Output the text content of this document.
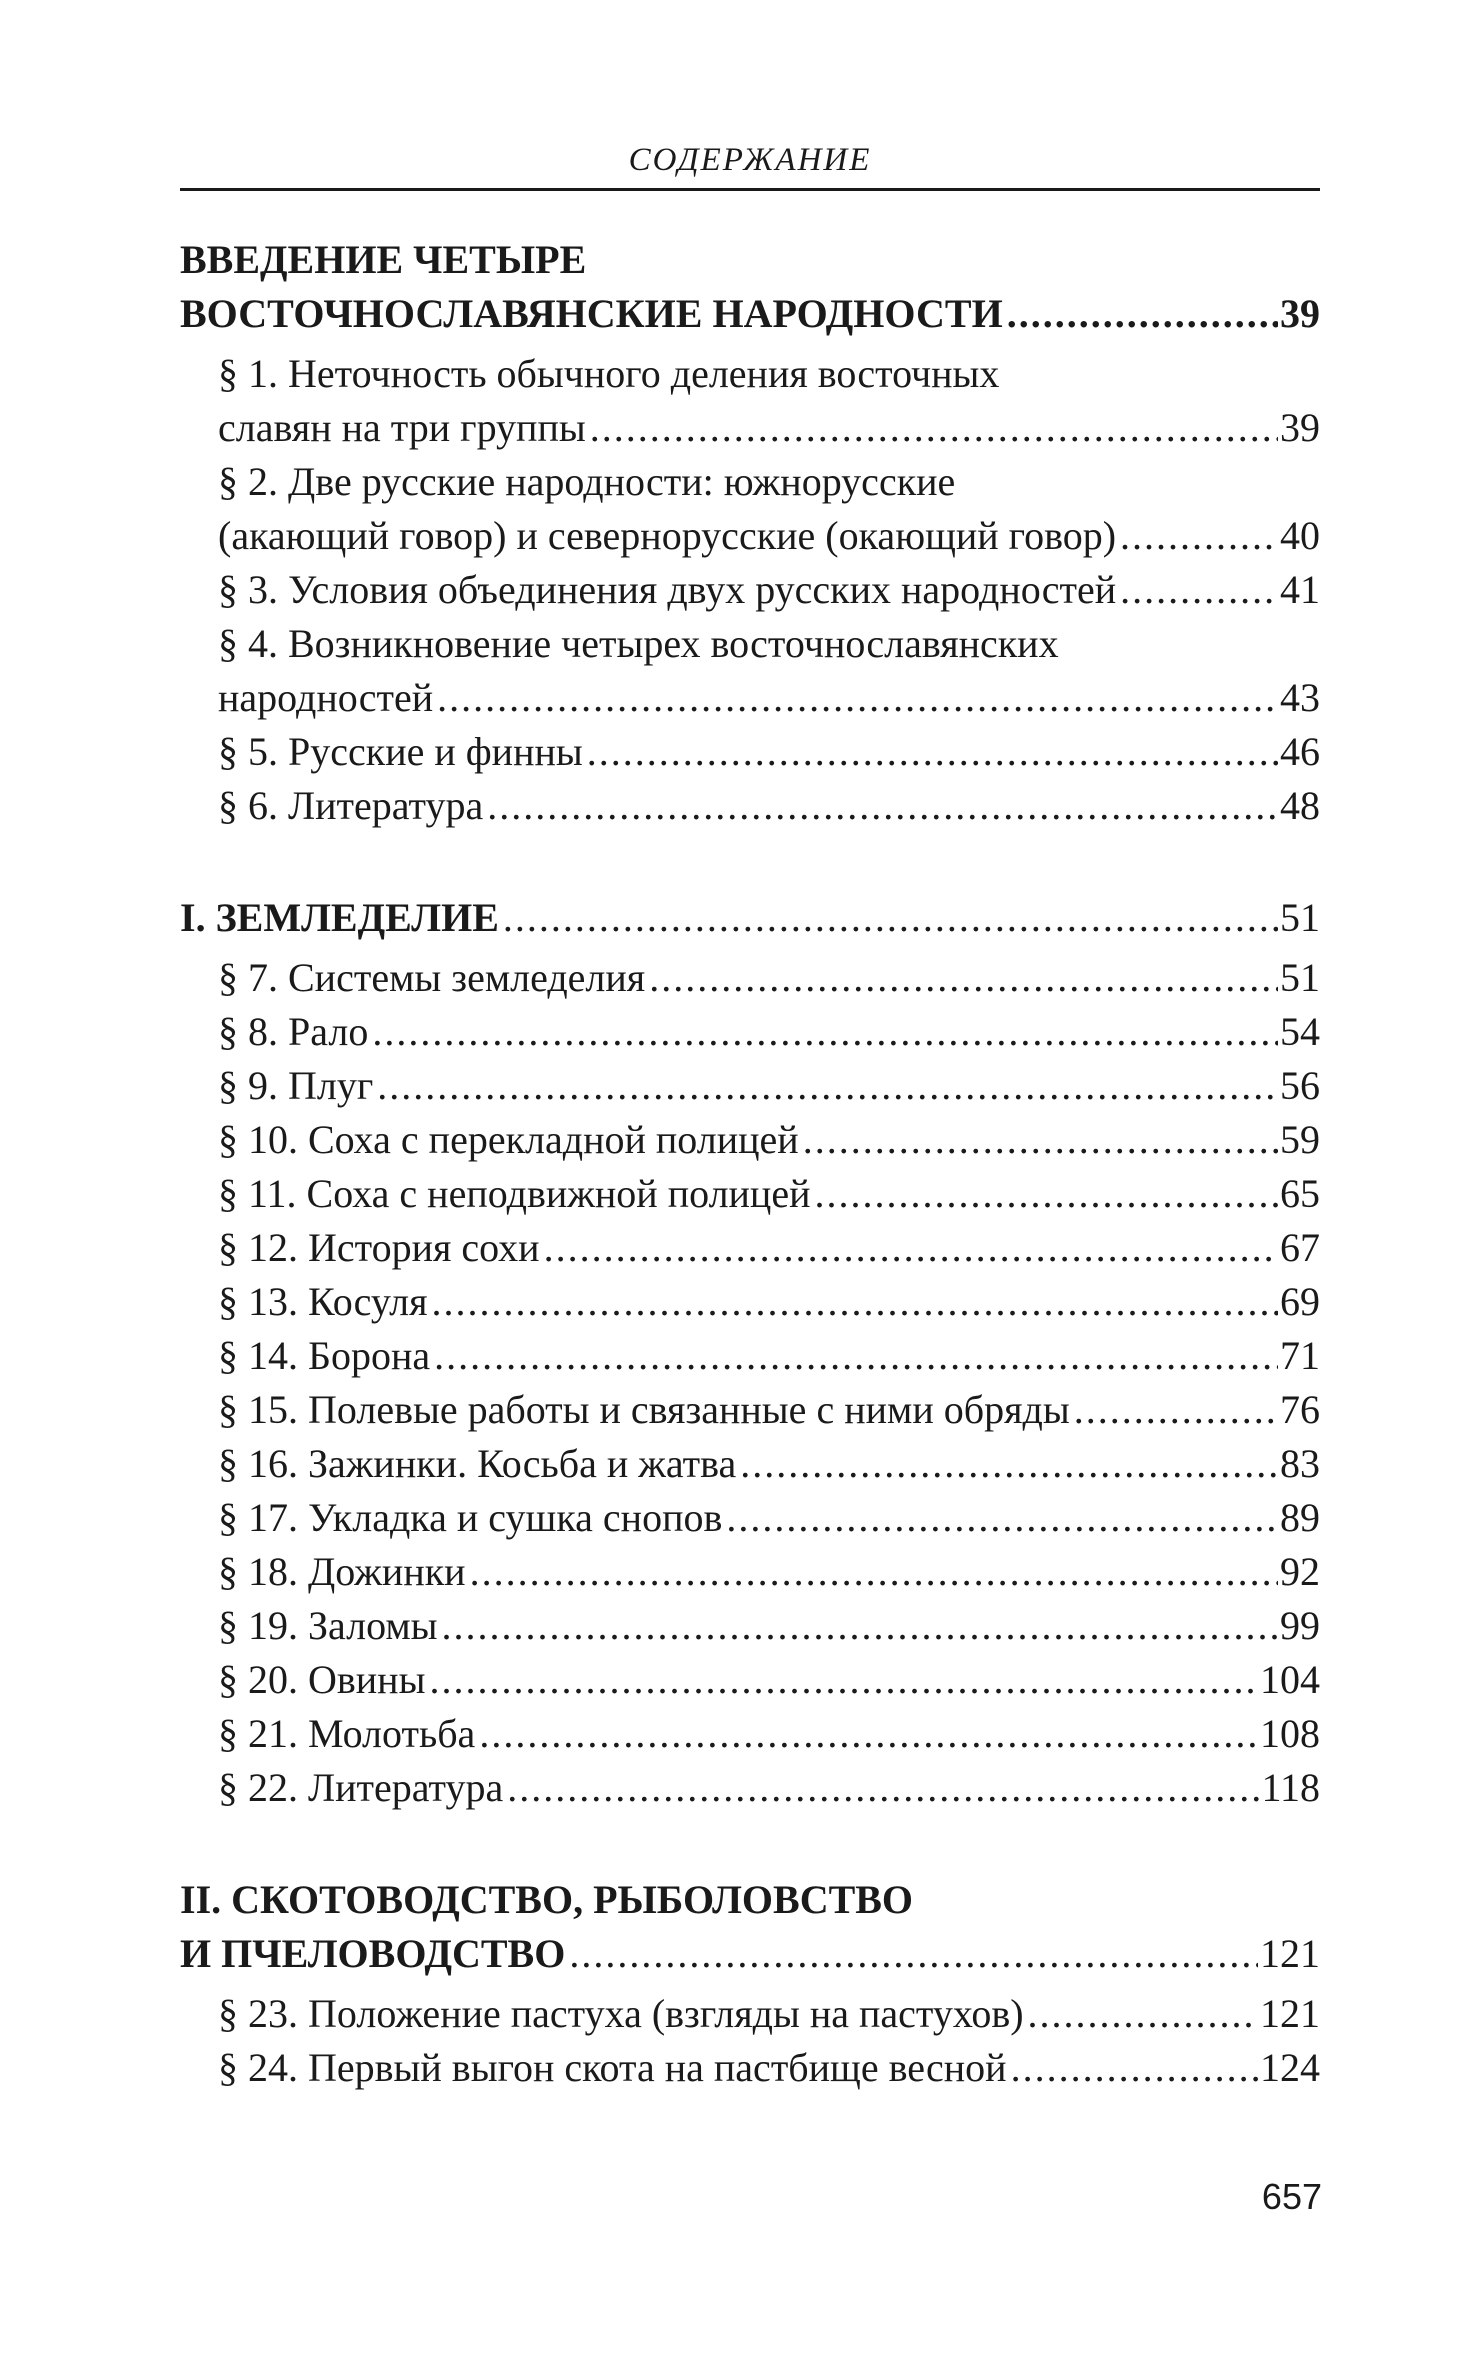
СОДЕРЖАНИЕ
ВВЕДЕНИЕ ЧЕТЫРЕ
ВОСТОЧНОСЛАВЯНСКИЕ НАРОДНОСТИ .....	39
§ 1. Неточность обычного деления восточных
славян на три группы .....	39
§ 2. Две русские народности: южнорусские
(акающий говор) и севернорусские (окающий говор) .....	40
§ 3. Условия объединения двух русских народностей .....	41
§ 4. Возникновение четырех восточнославянских
народностей .....	43
§ 5. Русские и финны .....	46
§ 6. Литература .....	48
I. ЗЕМЛЕДЕЛИЕ .....	51
§ 7. Системы земледелия .....	51
§ 8. Рало .....	54
§ 9. Плуг .....	56
§ 10. Соха с перекладной полицей .....	59
§ 11. Соха с неподвижной полицей .....	65
§ 12. История сохи .....	67
§ 13. Косуля .....	69
§ 14. Борона .....	71
§ 15. Полевые работы и связанные с ними обряды .....	76
§ 16. Зажинки. Косьба и жатва .....	83
§ 17. Укладка и сушка снопов .....	89
§ 18. Дожинки .....	92
§ 19. Заломы .....	99
§ 20. Овины .....	104
§ 21. Молотьба .....	108
§ 22. Литература .....	118
II. СКОТОВОДСТВО, РЫБОЛОВСТВО
И ПЧЕЛОВОДСТВО .....	121
§ 23. Положение пастуха (взгляды на пастухов) .....	121
§ 24. Первый выгон скота на пастбище весной .....	124
657
